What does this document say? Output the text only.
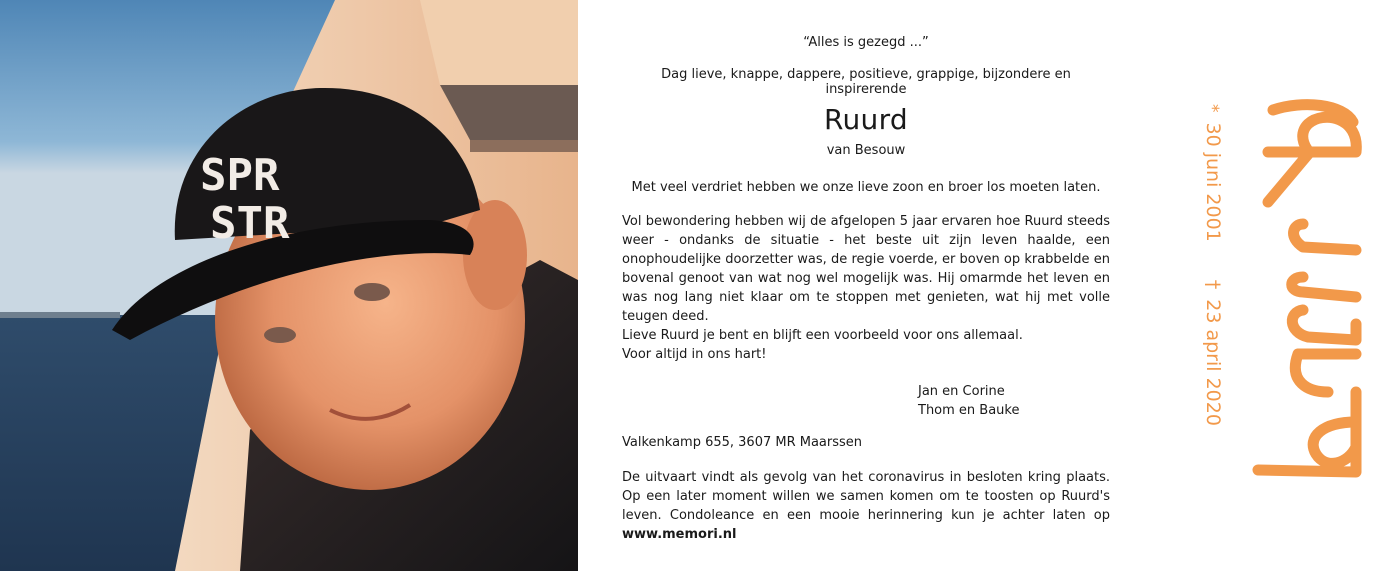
SPR
STR
“Alles is gezegd ...”
Dag lieve, knappe, dappere, positieve, grappige, bijzondere en inspirerende
Ruurd
van Besouw
Met veel verdriet hebben we onze lieve zoon en broer los moeten laten.
Vol bewondering hebben wij de afgelopen 5 jaar ervaren hoe Ruurd steeds weer - ondanks de situatie - het beste uit zijn leven haalde, een onophoudelijke doorzetter was, de regie voerde, er boven op krabbelde en bovenal genoot van wat nog wel mogelijk was. Hij omarmde het leven en was nog lang niet klaar om te stoppen met genieten, wat hij met volle teugen deed.
Lieve Ruurd je bent en blijft een voorbeeld voor ons allemaal.
Voor altijd in ons hart!
Jan en Corine
Thom en Bauke
Valkenkamp 655, 3607 MR Maarssen
De uitvaart vindt als gevolg van het coronavirus in besloten kring plaats. Op een later moment willen we samen komen om te toosten op Ruurd's leven. Condoleance en een mooie herinnering kun je achter laten op www.memori.nl
*30 juni 2001†23 april 2020
Ruurd
